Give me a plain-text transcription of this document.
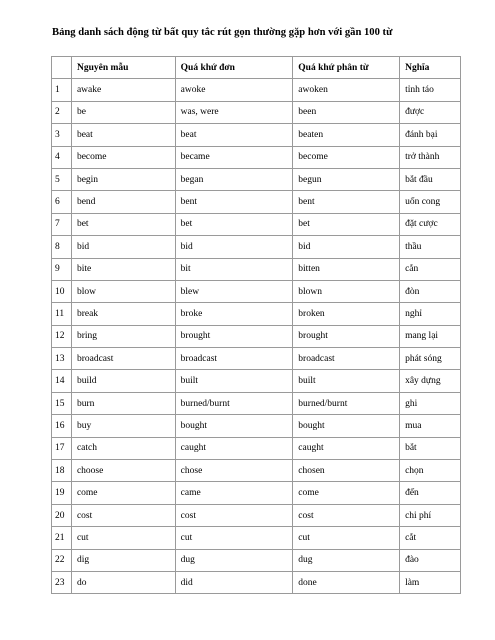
Bảng danh sách động từ bất quy tắc rút gọn thường gặp hơn với gần 100 từ
	Nguyên mẫu	Quá khứ đơn	Quá khứ phân từ	Nghĩa
1	awake	awoke	awoken	tỉnh táo
2	be	was, were	been	được
3	beat	beat	beaten	đánh bại
4	become	became	become	trở thành
5	begin	began	begun	bắt đầu
6	bend	bent	bent	uốn cong
7	bet	bet	bet	đặt cược
8	bid	bid	bid	thầu
9	bite	bit	bitten	cắn
10	blow	blew	blown	đòn
11	break	broke	broken	nghỉ
12	bring	brought	brought	mang lại
13	broadcast	broadcast	broadcast	phát sóng
14	build	built	built	xây dựng
15	burn	burned/burnt	burned/burnt	ghi
16	buy	bought	bought	mua
17	catch	caught	caught	bắt
18	choose	chose	chosen	chọn
19	come	came	come	đến
20	cost	cost	cost	chi phí
21	cut	cut	cut	cắt
22	dig	dug	dug	đào
23	do	did	done	làm
